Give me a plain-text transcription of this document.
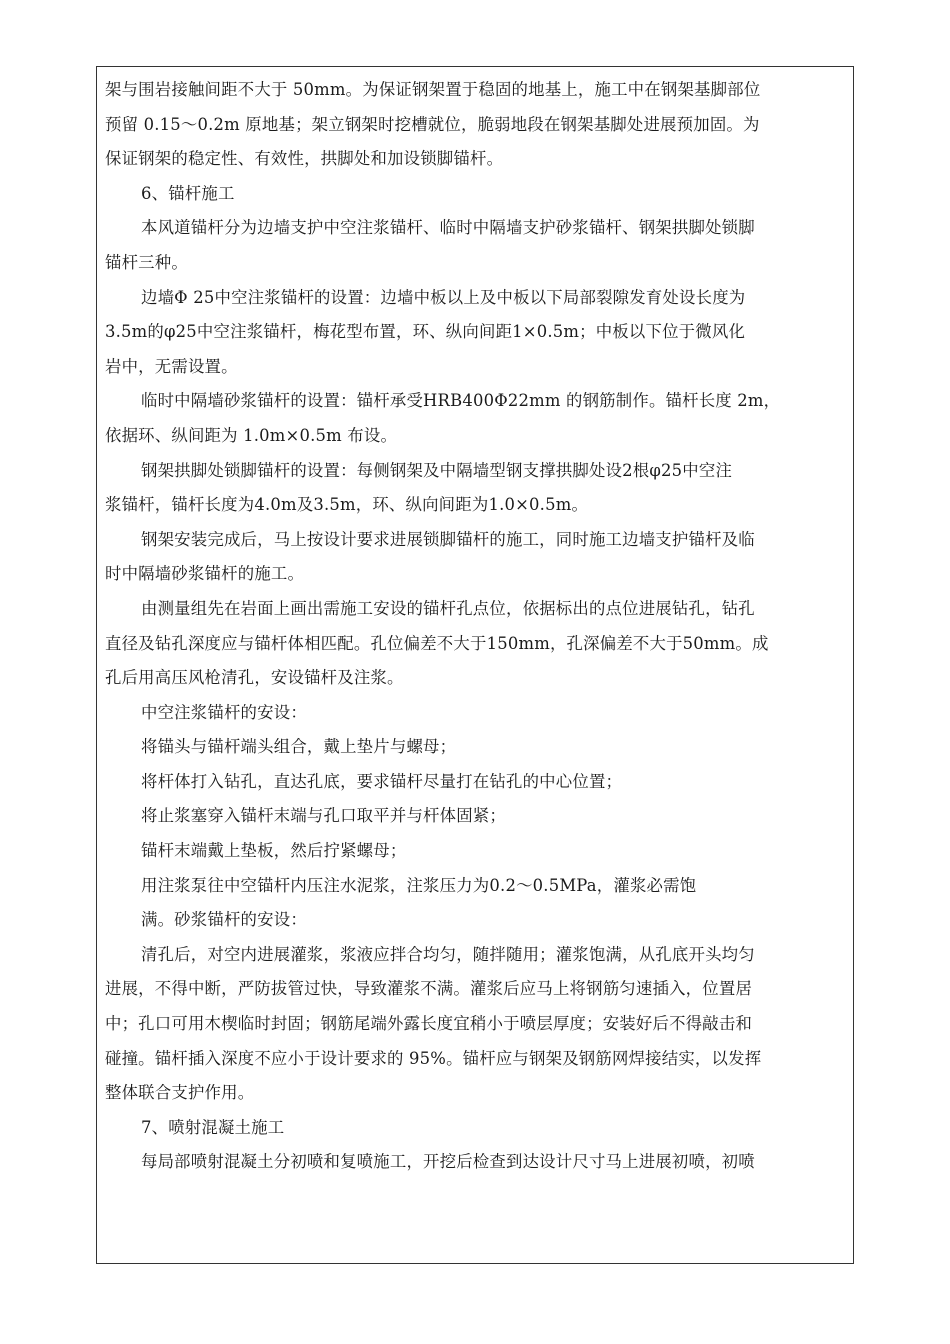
架与围岩接触间距不大于 50mm。为保证钢架置于稳固的地基上，施工中在钢架基脚部位
预留 0.15～0.2m 原地基；架立钢架时挖槽就位，脆弱地段在钢架基脚处进展预加固。为
保证钢架的稳定性、有效性，拱脚处和加设锁脚锚杆。
6、锚杆施工
本风道锚杆分为边墙支护中空注浆锚杆、临时中隔墙支护砂浆锚杆、钢架拱脚处锁脚
锚杆三种。
边墙Φ 25中空注浆锚杆的设置：边墙中板以上及中板以下局部裂隙发育处设长度为
3.5m的φ25中空注浆锚杆，梅花型布置，环、纵向间距1×0.5m；中板以下位于微风化
岩中，无需设置。
临时中隔墙砂浆锚杆的设置：锚杆承受HRB400Φ22mm 的钢筋制作。锚杆长度 2m，
依据环、纵间距为 1.0m×0.5m 布设。
钢架拱脚处锁脚锚杆的设置：每侧钢架及中隔墙型钢支撑拱脚处设2根φ25中空注
浆锚杆，锚杆长度为4.0m及3.5m，环、纵向间距为1.0×0.5m。
钢架安装完成后，马上按设计要求进展锁脚锚杆的施工，同时施工边墙支护锚杆及临
时中隔墙砂浆锚杆的施工。
由测量组先在岩面上画出需施工安设的锚杆孔点位，依据标出的点位进展钻孔，钻孔
直径及钻孔深度应与锚杆体相匹配。孔位偏差不大于150mm，孔深偏差不大于50mm。成
孔后用高压风枪清孔，安设锚杆及注浆。
中空注浆锚杆的安设：
将锚头与锚杆端头组合，戴上垫片与螺母；
将杆体打入钻孔，直达孔底，要求锚杆尽量打在钻孔的中心位置；
将止浆塞穿入锚杆末端与孔口取平并与杆体固紧；
锚杆末端戴上垫板，然后拧紧螺母；
用注浆泵往中空锚杆内压注水泥浆，注浆压力为0.2～0.5MPa，灌浆必需饱
满。砂浆锚杆的安设：
清孔后，对空内进展灌浆，浆液应拌合均匀，随拌随用；灌浆饱满，从孔底开头均匀
进展，不得中断，严防拔管过快，导致灌浆不满。灌浆后应马上将钢筋匀速插入，位置居
中；孔口可用木楔临时封固；钢筋尾端外露长度宜稍小于喷层厚度；安装好后不得敲击和
碰撞。锚杆插入深度不应小于设计要求的 95%。锚杆应与钢架及钢筋网焊接结实，以发挥
整体联合支护作用。
7、喷射混凝土施工
每局部喷射混凝土分初喷和复喷施工，开挖后检查到达设计尺寸马上进展初喷，初喷
